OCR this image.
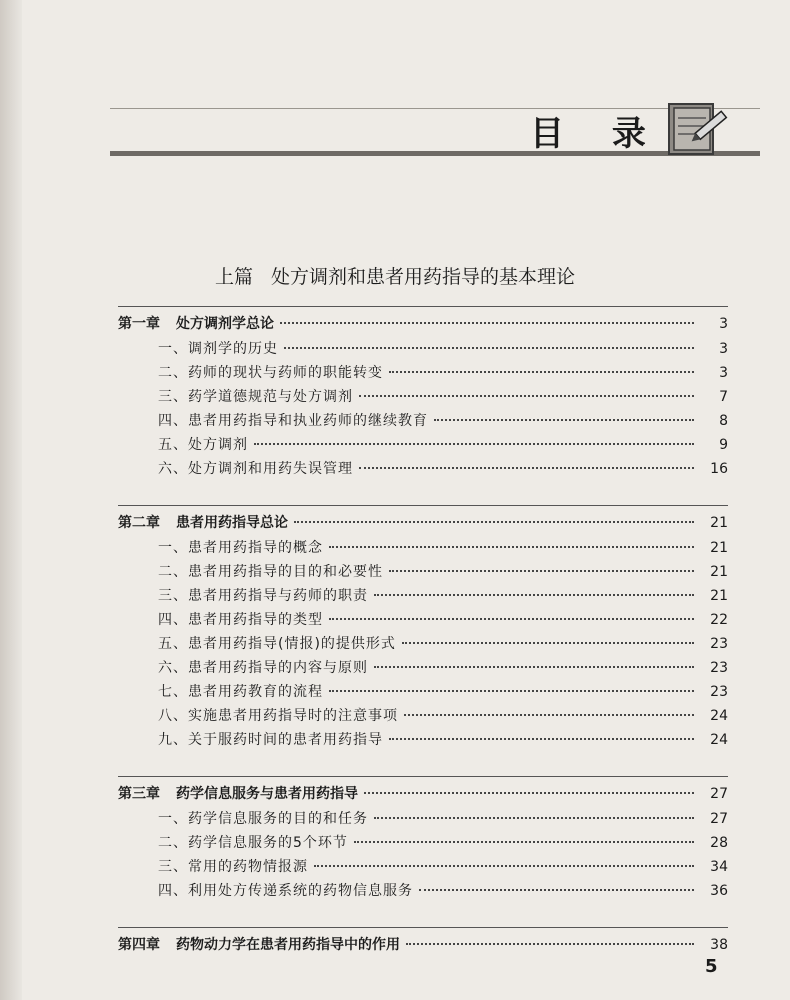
目 录
上篇 处方调剂和患者用药指导的基本理论
第一章 处方调剂学总论	3
一、调剂学的历史	3
二、药师的现状与药师的职能转变	3
三、药学道德规范与处方调剂	7
四、患者用药指导和执业药师的继续教育	8
五、处方调剂	9
六、处方调剂和用药失误管理	16
第二章 患者用药指导总论	21
一、患者用药指导的概念	21
二、患者用药指导的目的和必要性	21
三、患者用药指导与药师的职责	21
四、患者用药指导的类型	22
五、患者用药指导(情报)的提供形式	23
六、患者用药指导的内容与原则	23
七、患者用药教育的流程	23
八、实施患者用药指导时的注意事项	24
九、关于服药时间的患者用药指导	24
第三章 药学信息服务与患者用药指导	27
一、药学信息服务的目的和任务	27
二、药学信息服务的5个环节	28
三、常用的药物情报源	34
四、利用处方传递系统的药物信息服务	36
第四章 药物动力学在患者用药指导中的作用	38
5
